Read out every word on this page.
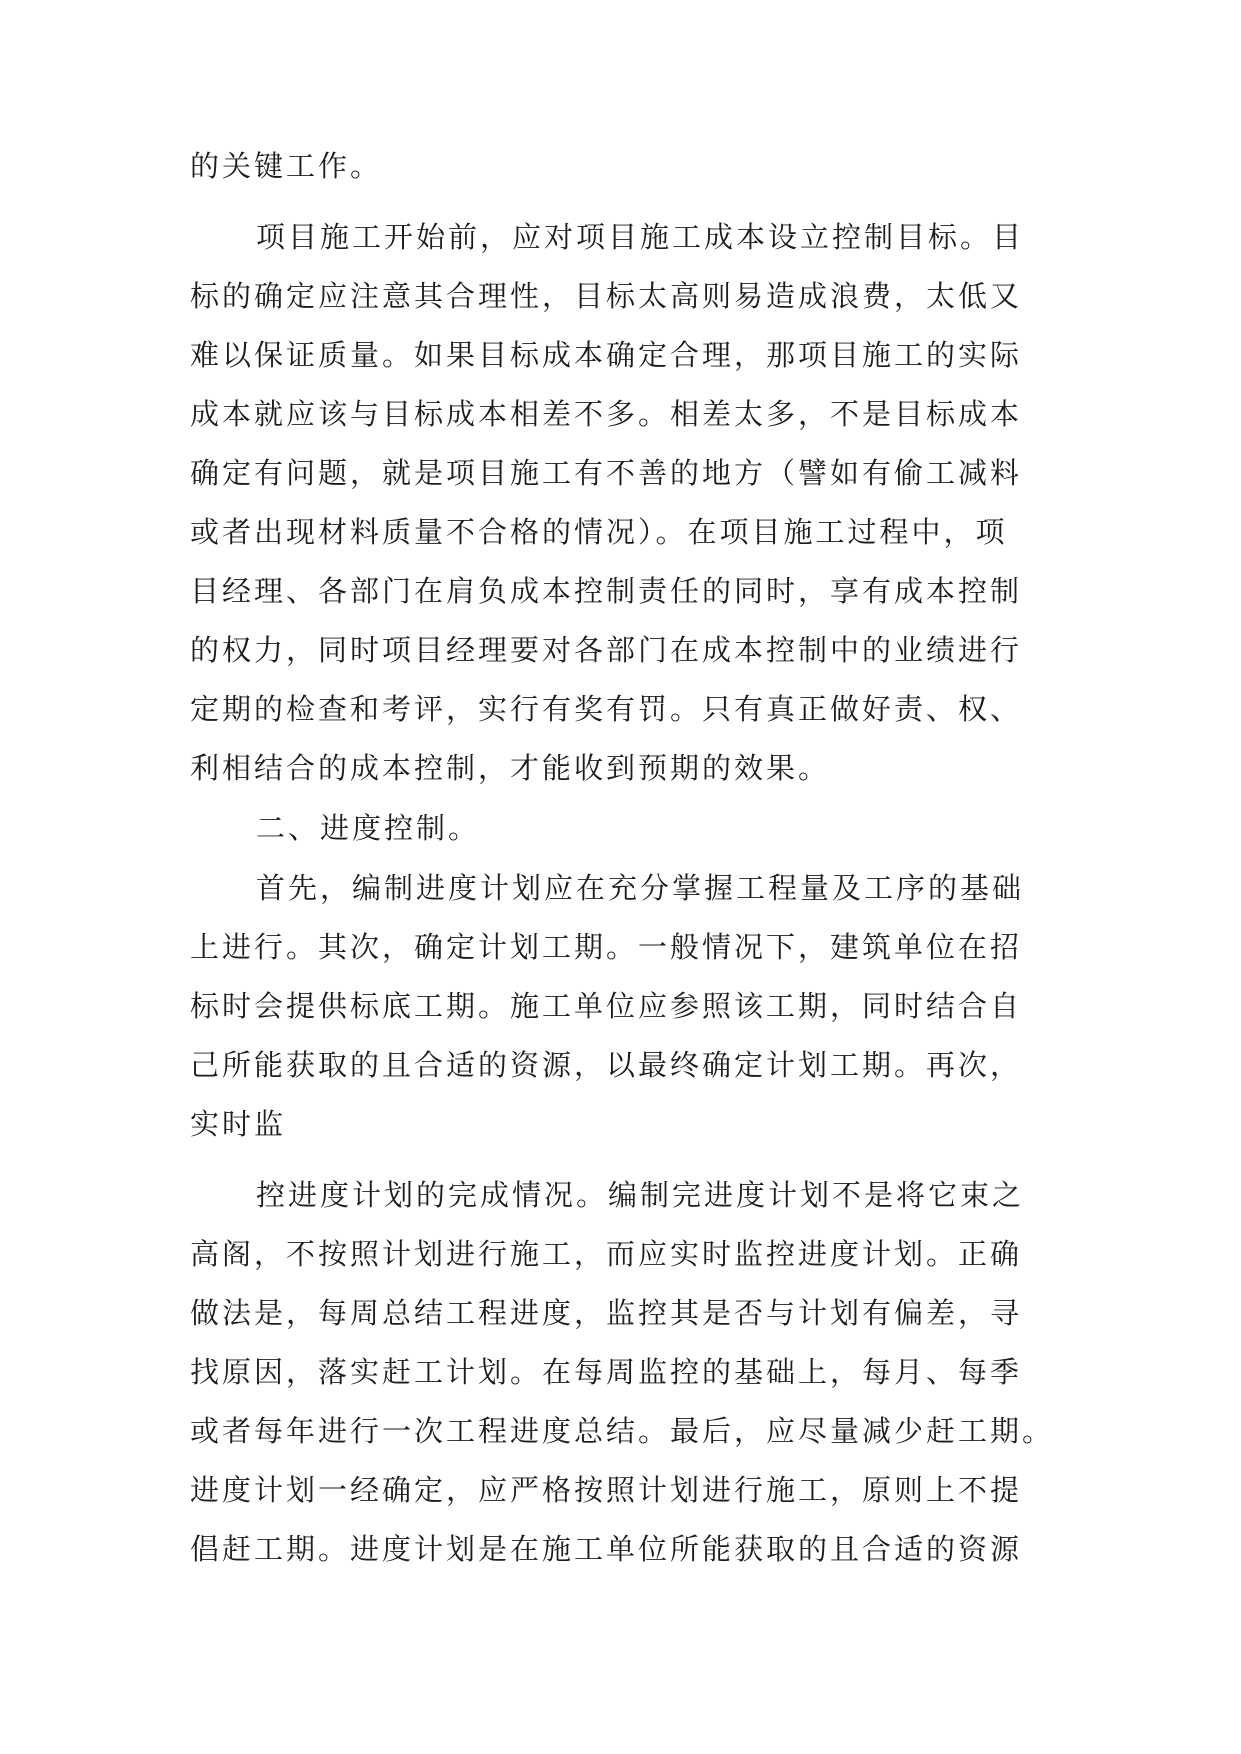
的关键工作。

项目施工开始前，应对项目施工成本设立控制目标。目

标的确定应注意其合理性，目标太高则易造成浪费，太低又

难以保证质量。如果目标成本确定合理，那项目施工的实际

成本就应该与目标成本相差不多。相差太多，不是目标成本

确定有问题，就是项目施工有不善的地方（譬如有偷工减料

或者出现材料质量不合格的情况）。在项目施工过程中，项

目经理、各部门在肩负成本控制责任的同时，享有成本控制

的权力，同时项目经理要对各部门在成本控制中的业绩进行

定期的检查和考评，实行有奖有罚。只有真正做好责、权、

利相结合的成本控制，才能收到预期的效果。

二、进度控制。

首先，编制进度计划应在充分掌握工程量及工序的基础

上进行。其次，确定计划工期。一般情况下，建筑单位在招

标时会提供标底工期。施工单位应参照该工期，同时结合自

己所能获取的且合适的资源，以最终确定计划工期。再次，

实时监

控进度计划的完成情况。编制完进度计划不是将它束之

高阁，不按照计划进行施工，而应实时监控进度计划。正确

做法是，每周总结工程进度，监控其是否与计划有偏差，寻

找原因，落实赶工计划。在每周监控的基础上，每月、每季

或者每年进行一次工程进度总结。最后，应尽量减少赶工期。

进度计划一经确定，应严格按照计划进行施工，原则上不提

倡赶工期。进度计划是在施工单位所能获取的且合适的资源
